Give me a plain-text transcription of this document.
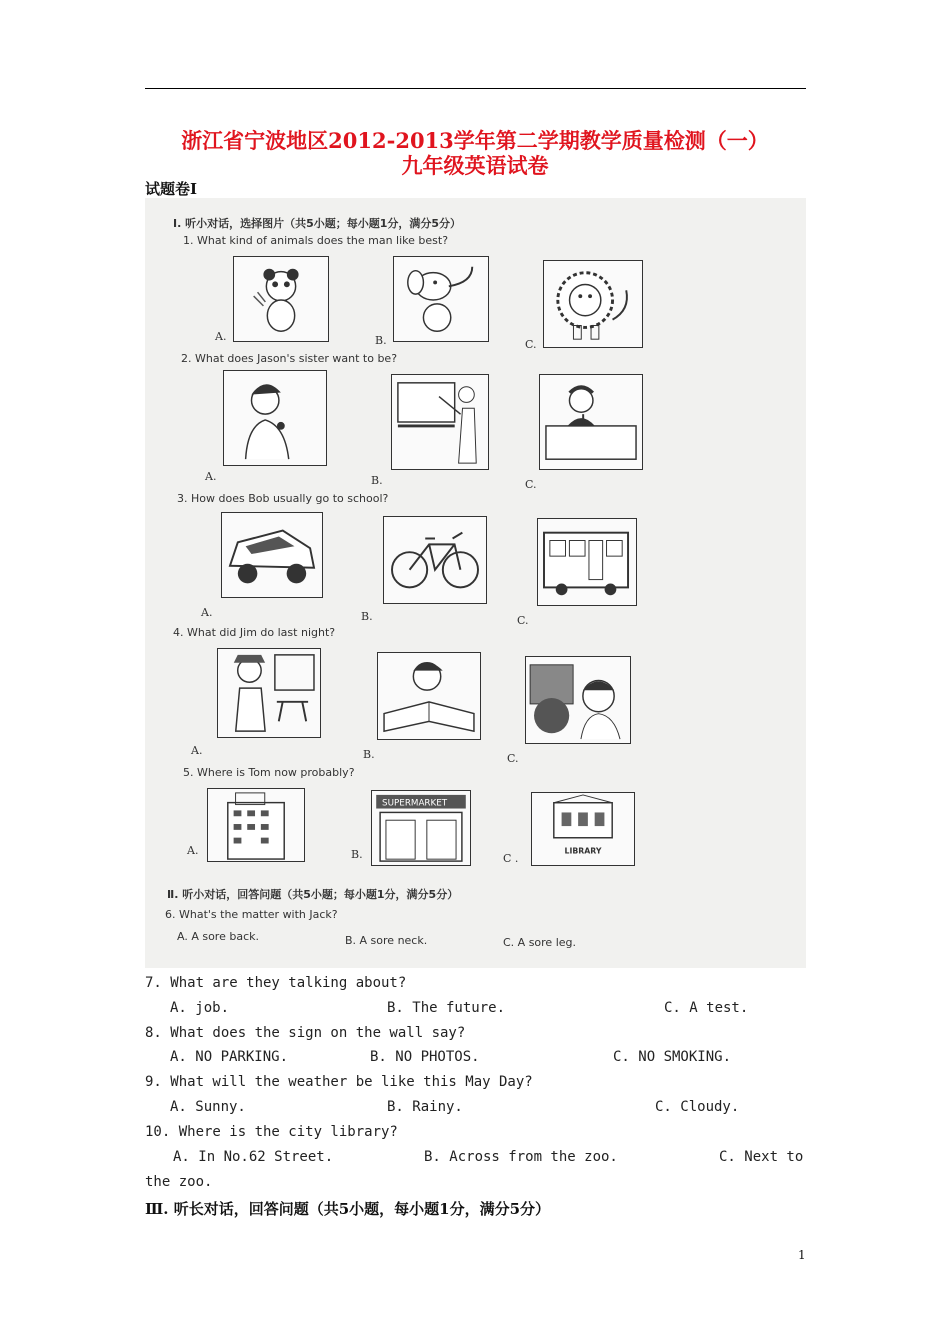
浙江省宁波地区2012-2013学年第二学期教学质量检测（一）
九年级英语试卷
试题卷Ⅰ
I. 听小对话，选择图片（共5小题；每小题1分，满分5分）
1. What kind of animals does the man like best?
A.	B.	C.
2. What does Jason's sister want to be?
A.	B.	C.
3. How does Bob usually go to school?
A.	B.	C.
4. What did Jim do last night?
A.	B.	C.
5. Where is Tom now probably?
SUPERMARKET
LIBRARY
A.	B.	C .
Ⅱ. 听小对话，回答问题（共5小题；每小题1分，满分5分）
6. What's the matter with Jack?
A. A sore back.	B. A sore neck.	C. A sore leg.
7. What are they talking about?
A. job.	B. The future.	C. A test.
8. What does the sign on the wall say?
A. NO PARKING.	B. NO PHOTOS.	C. NO SMOKING.
9. What will the weather be like this May Day?
A. Sunny.	B. Rainy.	C. Cloudy.
10. Where is the city library?
A. In No.62 Street.	B. Across from the zoo.	C. Next to
the zoo.
Ⅲ. 听长对话，回答问题（共5小题，每小题1分，满分5分）
1
